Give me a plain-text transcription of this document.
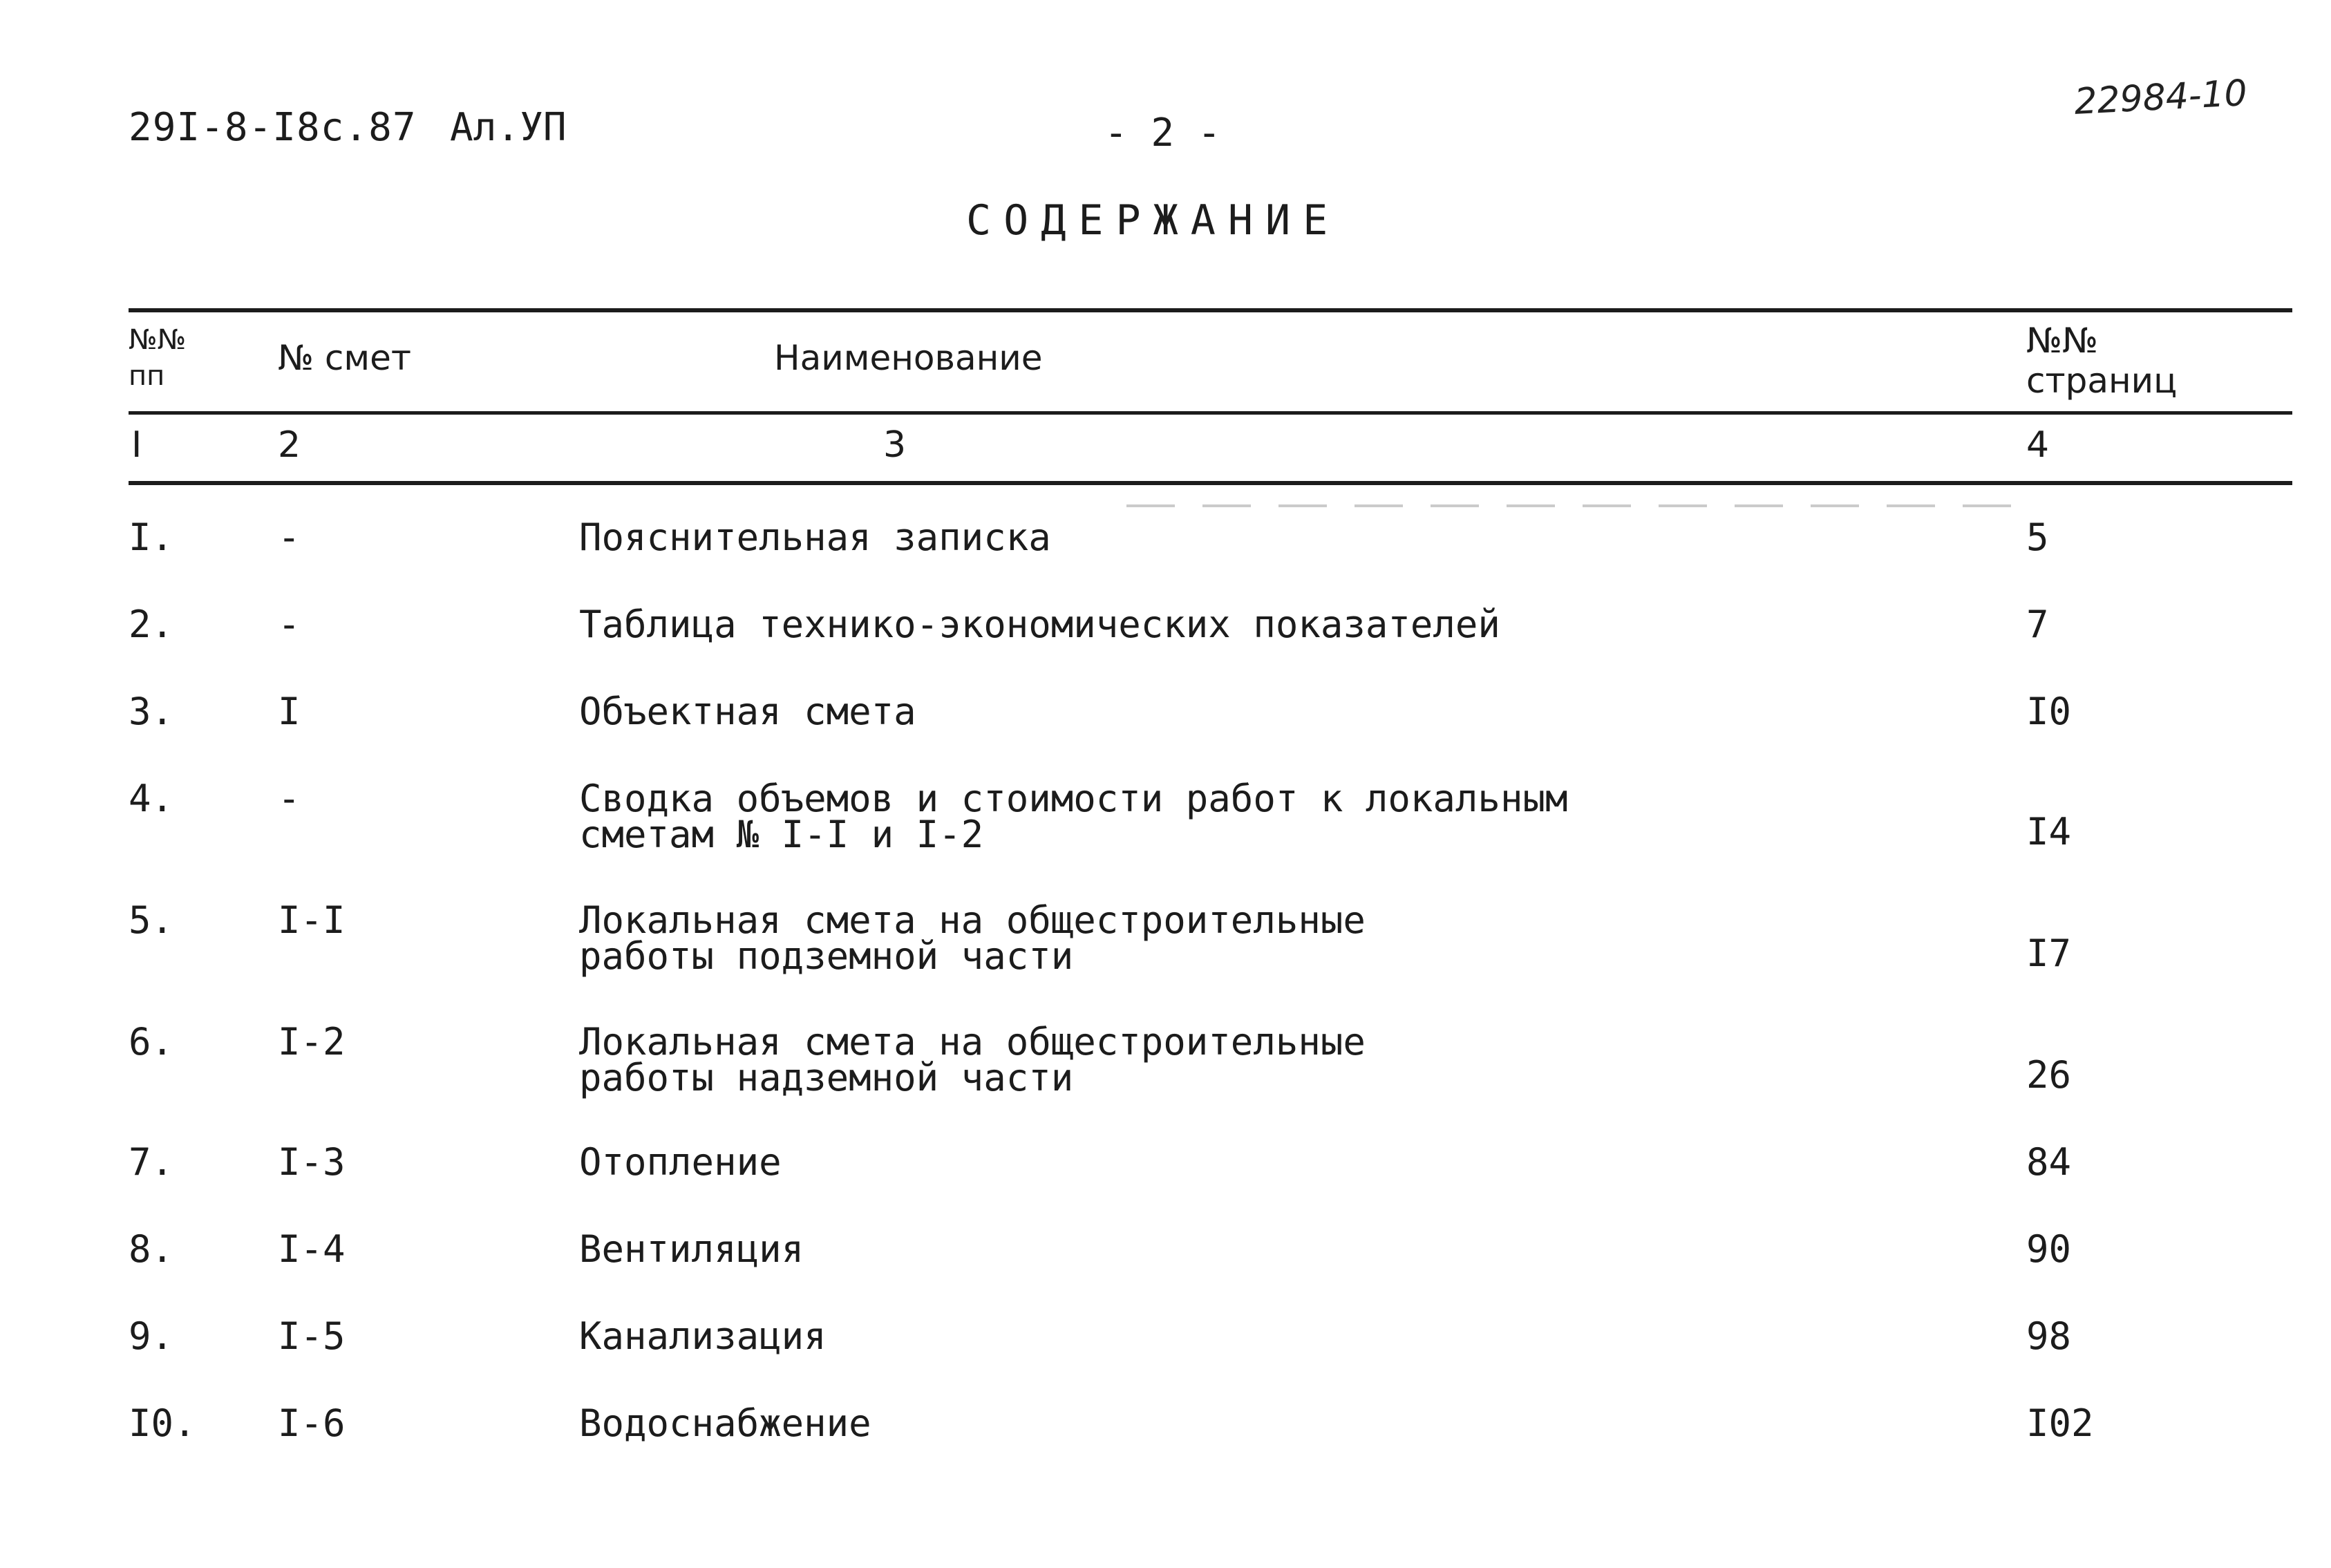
29I-8-I8c.87 Ал.УП	- 2 -
22984-10
СОДЕРЖАНИЕ
№№
пп	№ смет	Наименование	№№
страниц
I	2	3	4
I.	-	Пояснительная записка	5
2.	-	Таблица технико-экономических показателей	7
3.	I	Объектная смета	I0
4.	-	Сводка объемов и стоимости работ к локальным
сметам № I-I и I-2	I4
5.	I-I	Локальная смета на общестроительные
работы подземной части	I7
6.	I-2	Локальная смета на общестроительные
работы надземной части	26
7.	I-3	Отопление	84
8.	I-4	Вентиляция	90
9.	I-5	Канализация	98
I0. I-6	Водоснабжение	I02
